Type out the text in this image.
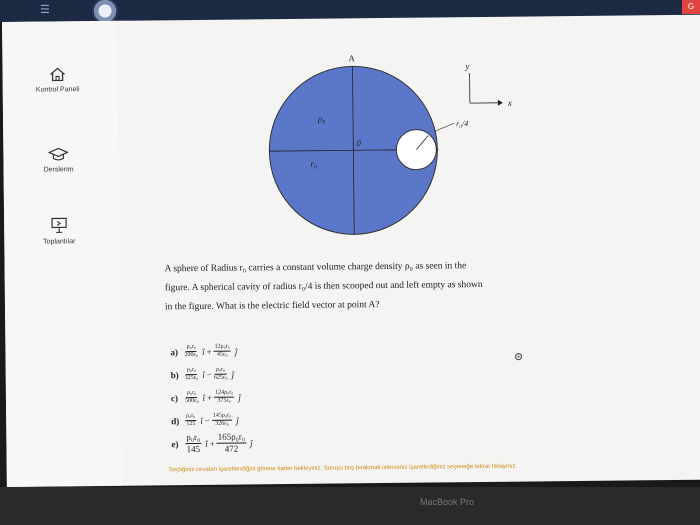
☰	G
Kontrol Paneli
Derslerim
Toplantılar
A
ρ₀
0
r₀
r₀/4
y
x
A sphere of Radius r₀ carries a constant volume charge density ρ₀ as seen in the
figure. A spherical cavity of radius r₀/4 is then scooped out and left empty as shown
in the figure. What is the electric field vector at point A?
a)	$\frac{\text{ρ₀r₀}}{\text{200ε₀}}$ î + $\frac{\text{12ρ₀r₀}}{\text{45ε₀}}$ ĵ
$b) \frac{\text{ρ₀r₀}}{\text{325ε₀}}$ î − $\frac{\text{ρ₀r₀}}{\text{625ε₀}}$ ĵ
c)	$\frac{\text{ρ₀r₀}}{\text{500ε₀}}$ î + $\frac{\text{124ρ₀r₀}}{\text{375ε₀}}$ ĵ
$d) \frac{\text{ρ₀r₀}}{125}$ î − $\frac{\text{145ρ₀r₀}}{\text{326ε₀}}$ ĵ
$e) \frac{\text{ρ₀r₀}}{145}$ î + $\frac{\text{165ρ₀r₀}}{472}$ ĵ
Seçtiğiniz cevabın işaretlendiğini görene kadar bekleyiniz. Soruyu boş bırakmak isterseniz işaretlediğiniz seçeneğe tekrar tıklayınız.
MacBook Pro
